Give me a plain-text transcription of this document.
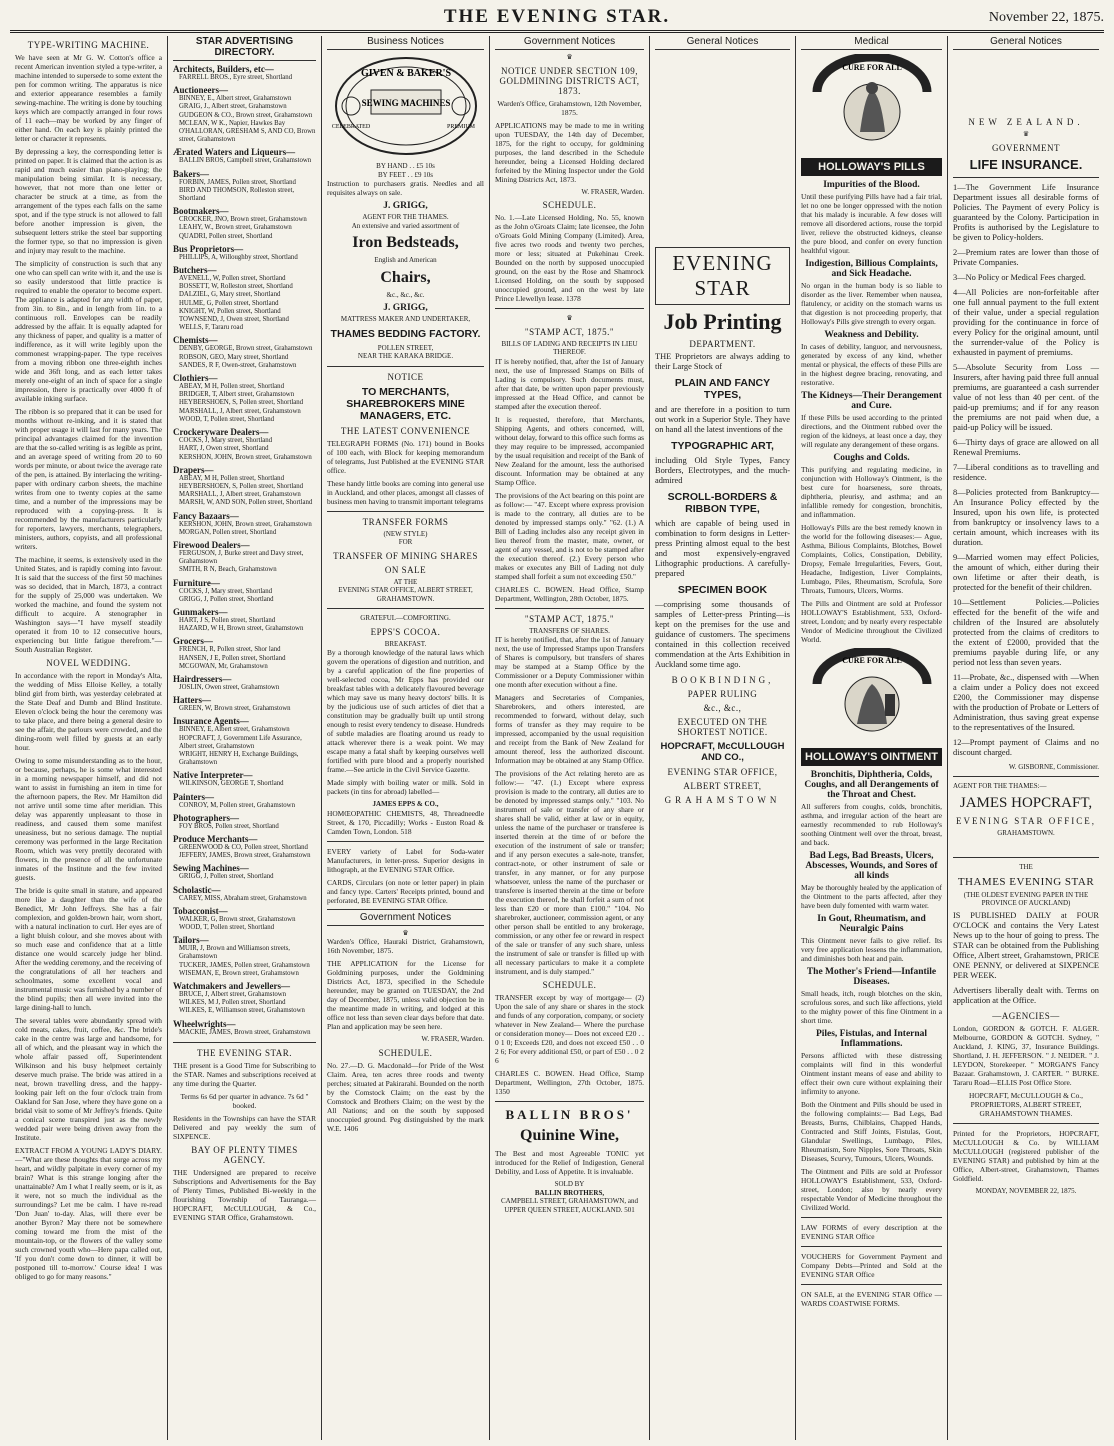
THE EVENING STAR.	November 22, 1875.
TYPE-WRITING MACHINE.

We have seen at Mr G. W. Cotton's office a recent American invention styled a type-writer, a machine intended to supersede to some extent the pen for common writing. The apparatus is nice and exterior appearance resembles a family sewing-machine. The writing is done by touching keys which are compactly arranged in four rows of 11 each—may be worked by any finger of either hand. On each key is plainly printed the letter or character it represents.

By depressing a key, the corresponding letter is printed on paper. It is claimed that the action is as rapid and much easier than piano-playing; the manipulation being similar. It is necessary, however, that not more than one letter or character be struck at a time, as from the arrangement of the types each falls on the same spot, and if the type struck is not allowed to fall before another impression is given, the subsequent letters strike the steel bar supporting the former type, so that no impression is given and injury may result to the machine.

The simplicity of construction is such that any one who can spell can write with it, and the use is so easily understood that little practice is required to enable the operator to become expert. The appliance is adapted for any width of paper, from 3in. to 8in., and in length from 1in. to a continuous roll. Envelopes can be readily addressed by the affair. It is equally adapted for any thickness of paper, and quality is a matter of indifference, as it will write legibly upon the commonest wrapping-paper. The type receives from a moving ribbon one three-eighth inches wide and 36ft long, and as each letter takes merely one-eight of an inch of space for a single impression, there is practically over 4000 ft of available inking surface.

The ribbon is so prepared that it can be used for months without re-inking, and it is stated that with proper usage it will last for many years. The principal advantages claimed for the invention are that the so-called writing is as legible as print, and an average speed of writing from 20 to 60 words per minute, or about twice the average rate of the pen, is attained. By interlacing the writing-paper with ordinary carbon sheets, the machine writes from one to twenty copies at the same time, and a number of the impressions may be reproduced with a copying-press. It is recommended by the manufacturers particularly for reporters, lawyers, merchants, telegraphers, ministers, authors, copyists, and all professional writers.

The machine, it seems, is extensively used in the United States, and is rapidly coming into favour. It is said that the success of the first 50 machines was so decided, that in March, 1873, a contract for the supply of 25,000 was undertaken. We worked the machine, and found the system not difficult to acquire. A stenographer in Washington says—"I have myself steadily operated it from 10 to 12 consecutive hours, experiencing but little fatigue therefrom."—South Australian Register.

NOVEL WEDDING.

In accordance with the report in Monday's Alta, the wedding of Miss Elloise Kelley, a totally blind girl from birth, was yesterday celebrated at the State Deaf and Dumb and Blind Institute. Eleven o'clock being the hour the ceremony was to take place, and there being a general desire to see the affair, the parlours were crowded, and the dining-room well filled by guests at an early hour.

Owing to some misunderstanding as to the hour, or because, perhaps, he is some what interested in a morning newspaper himself, and did not want to assist in furnishing an item in time for the afternoon papers, the Rev. Mr Hamilton did not arrive until some time after meridian. This delay was apparently unpleasant to those in readiness, and caused them some manifest uneasiness, but no serious damage. The nuptial ceremony was performed in the large Recitation Room, which was very prettily decorated with flowers, in the presence of all the unfortunate inmates of the Institute and the few invited guests.

The bride is quite small in stature, and appeared more like a daughter than the wife of the Benedict, Mr John Jeffreys. She has a fair complexion, and golden-brown hair, worn short, with a natural inclination to curl. Her eyes are of a light bluish colour, and she moves about with so much ease and confidence that at a little distance one would scarcely judge her blind. After the wedding ceremony, and the receiving of the congratulations of all her teachers and schoolmates, some excellent vocal and instrumental music was furnished by a number of the blind pupils; then all were invited into the large dining-hall to lunch.

The several tables were abundantly spread with cold meats, cakes, fruit, coffee, &c. The bride's cake in the centre was large and handsome, for all of which, and the pleasant way in which the whole affair passed off, Superintendent Wilkinson and his busy helpmeet certainly deserve much praise. The bride was attired in a neat, brown travelling dress, and the happy-looking pair left on the four o'clock train from Oakland for San Jose, where they have gone on a bridal visit to some of Mr Jeffrey's friends. Quite a conical scene transpired just as the newly wedded pair were being driven away from the Institute.

EXTRACT FROM A YOUNG LADY'S DIARY.—"What are these thoughts that surge across my heart, and wildly palpitate in every corner of my brain? What is this strange longing after the unattainable? Am I what I really seem, or is it, as it were, not so much the individual as the surroundings? Let me be calm. I have re-read 'Don Juan' to-day. Alas, will there ever be another Byron? May there not be somewhere coming toward me from the mist of the mountain-top, or the flowers of the valley some such crowned youth who—Here papa called out, 'If you don't come down to dinner, it will be postponed till to-morrow.' Course idea! I was obliged to go for many reasons."

STAR ADVERTISING DIRECTORY.
Architects, Builders, etc—
FARRELL BROS., Eyre street, Shortland
Auctioneers—
BINNEY, E., Albert street, Grahamstown
GRAIG, J., Albert street, Grahamstown
GUDGEON & CO., Brown street, Grahamstown
MCLEAN, W K., Napier, Hawkes Bay
O'HALLORAN, GRESHAM S, AND CO, Brown street, Grahamstown
Ærated Waters and Liqueurs—
BALLIN BROS, Campbell street, Grahamstown
Bakers—
FORBIN, JAMES, Pollen street, Shortland
BIRD AND THOMSON, Rolleston street, Shortland
Bootmakers—
CROCKER, JNO, Brown street, Grahamstown
LEAHY, W., Brown street, Grahamstown
QUADRI, Pollen street, Shortland
Bus Proprietors—
PHILLIPS, A, Willoughby street, Shortland
Butchers—
AVENELL, W, Pollen street, Shortland
BOSSETT, W, Rolleston street, Shortland
DALZIEL, G, Mary street, Shortland
HULME, G, Pollen street, Shortland
KNIGHT, W, Pollen street, Shortland
TOWNSEND, J, Owen street, Shortland
WELLS, F, Tararu road
Chemists—
DENBY, GEORGE, Brown street, Grahamstown
ROBSON, GEO, Mary street, Shortland
SANDES, R F, Owen-street, Grahamstown
Clothiers—
ABEAY, M H, Pollen street, Shortland
BRIDGER, T, Albert street, Grahamstown
HEYBERSHOEN, S, Pollen street, Shortland
MARSHALL, J, Albert street, Grahamstown
WOOD, T, Pollen street, Shortland
Crockeryware Dealers—
COCKS, J, Mary street, Shortland
HART, J, Owen street, Shortland
KERSHON, JOHN, Brown street, Grahamstown
Drapers—
ABEAY, M H, Pollen street, Shortland
HEYBERSHOEN, S, Pollen street, Shortland
MARSHALL, J, Albert street, Grahamstown
MARSH, W, AND SON, Pollen street, Shortland
Fancy Bazaars—
KERSHON, JOHN, Brown street, Grahamstown
MORGAN, Pollen street, Shortland
Firewood Dealers—
FERGUSON, J, Burke street and Davy street, Grahamstown
SMITH, R N, Beach, Grahamstown
Furniture—
COCKS, J, Mary street, Shortland
GRIGG, J, Pollen street, Shortland
Gunmakers—
HART, J S, Pollen street, Shortland
HAZARD, W H, Brown street, Grahamstown
Grocers—
FRENCH, R, Pollen street, Shor land
HANSEN, J E, Pollen street, Shortland
MCGOWAN, Mr, Grahamstown
Hairdressers—
JOSLIN, Owen street, Grahamstown
Hatters—
GREEN, W, Brown street, Grahamstown
Insurance Agents—
BINNEY, E, Albert street, Grahamstown
HOPCRAFT, J, Government Life Assurance, Albert street, Grahamstown
WRIGHT, HENRY H, Exchange Buildings, Grahamstown
Native Interpreter—
WILKINSON, GEORGE T, Shortland
Painters—
CONROY, M, Pollen street, Grahamstown
Photographers—
FOY BROS, Pollen street, Shortland
Produce Merchants—
GREENWOOD & CO, Pollen street, Shortland
JEFFERY, JAMES, Brown street, Grahamstown
Sewing Machines—
GRIGG, J, Pollen street, Shortland
Scholastic—
CAREY, MISS, Abraham street, Grahamstown
Tobacconist—
WALKER, G, Brown street, Grahamstown
WOOD, T, Pollen street, Shortland
Tailors—
MUIR, J, Brown and Williamson streets, Grahamstown
TUCKER, JAMES, Pollen street, Grahamstown
WISEMAN, E, Brown street, Grahamstown
Watchmakers and Jewellers—
BRUCE, J, Albert street, Grahamstown
WILKES, M J, Pollen street, Shortland
WILKES, E, Williamson street, Grahamstown
Wheelwrights—
MACKIE, JAMES, Brown street, Grahamstown
THE EVENING STAR.

THE present is a Good Time for Subscribing to the STAR. Names and subscriptions received at any time during the Quarter.

Terms 6s 6d per quarter in advance. 7s 6d " booked.

Residents in the Townships can have the STAR Delivered and pay weekly the sum of SIXPENCE.

BAY OF PLENTY TIMES AGENCY.

THE Undersigned are prepared to receive Subscriptions and Advertisements for the Bay of Plenty Times, Published Bi-weekly in the flourishing Township of Tauranga.—HOPCRAFT, McCULLOUGH, & Co., EVENING STAR Office, Grahamstown.

Business Notices
GIVEN & BAKER'S
SEWING MACHINES
CELEBRATED	PREMIUM
BY HAND . . £5 10s
BY FEET . . £9 10s

Instruction to purchasers gratis. Needles and all requisites always on sale.

J. GRIGG,
AGENT FOR THE THAMES.
An extensive and varied assortment of
Iron Bedsteads,
English and American
Chairs,
&c., &c., &c.
J. GRIGG,
MATTRESS MAKER AND UNDERTAKER,
THAMES BEDDING FACTORY.
POLLEN STREET,
NEAR THE KARAKA BRIDGE.
NOTICE
TO MERCHANTS, SHAREBROKERS MINE MANAGERS, ETC.
THE LATEST CONVENIENCE

TELEGRAPH FORMS (No. 171) bound in Books of 100 each, with Block for keeping memorandum of telegrams, Just Published at the EVENING STAR office.

These handy little books are coming into general use in Auckland, and other places, amongst all classes of business men having to transmit important telegrams

TRANSFER FORMS
(NEW STYLE)
FOR
TRANSFER OF MINING SHARES
ON SALE
AT THE
EVENING STAR OFFICE, ALBERT STREET, GRAHAMSTOWN.
GRATEFUL—COMFORTING.
EPPS'S COCOA.
BREAKFAST.

By a thorough knowledge of the natural laws which govern the operations of digestion and nutrition, and by a careful application of the fine properties of well-selected cocoa, Mr Epps has provided our breakfast tables with a delicately flavoured beverage which may save us many heavy doctors' bills. It is by the judicious use of such articles of diet that a constitution may be gradually built up until strong enough to resist every tendency to disease. Hundreds of subtle maladies are floating around us ready to attack wherever there is a weak point. We may escape many a fatal shaft by keeping ourselves well fortified with pure blood and a properly nourished frame.—See article in the Civil Service Gazette.

Made simply with boiling water or milk. Sold in packets (in tins for abroad) labelled—

JAMES EPPS & CO.,

HOMŒOPATHIC CHEMISTS, 48, Threadneedle Street, & 170, Piccadilly; Works - Euston Road & Camden Town, London. 518

EVERY variety of Label for Soda-water Manufacturers, in letter-press. Superior designs in lithograph, at the EVENING STAR Office.

CARDS, Circulars (on note or letter paper) in plain and fancy type. Carters' Receipts printed, bound and perforated, BE EVENING STAR Office.

Government Notices
♛

Warden's Office, Hauraki District, Grahamstown, 16th November, 1875.

THE APPLICATION for the License for Goldmining purposes, under the Goldmining Districts Act, 1873, specified in the Schedule hereunder, may be granted on TUESDAY, the 2nd day of December, 1875, unless valid objection be in the meantime made in writing, and lodged at this office not less than seven clear days before that date. Plan and application may be seen here.

W. FRASER, Warden.
SCHEDULE.

No. 27.—D. G. Macdonald—for Pride of the West Claim. Area, ten acres three roods and twenty perches; situated at Pakirarahi. Bounded on the north by the Comstock Claim; on the east by the Comstock and Brothers Claim; on the west by the All Nations; and on the south by supposed unoccupied ground. Peg distinguished by the mark W.E. 1406

Government Notices
♛
NOTICE UNDER SECTION 109, GOLDMINING DISTRICTS ACT, 1873.

Warden's Office, Grahamstown, 12th November, 1875.

APPLICATIONS may be made to me in writing upon TUESDAY, the 14th day of December, 1875, for the right to occupy, for goldmining purposes, the land described in the Schedule hereunder, being a Licensed Holding declared forfeited by the Mining Inspector under the Gold Mining Districts Act, 1873.

W. FRASER, Warden.
SCHEDULE.

No. 1.—Late Licensed Holding, No. 55, known as the John o'Groats Claim; late licensee, the John o'Groats Gold Mining Company (Limited). Area, five acres two roods and twenty two perches, more or less; situated at Pukehinau Creek. Bounded on the north by supposed unoccupied ground, on the east by the Rose and Shamrock Licensed Holding, on the south by supposed unoccupied ground, and on the west by late Prince Llewellyn lease. 1378

♛
"STAMP ACT, 1875."
BILLS OF LADING AND RECEIPTS IN LIEU THEREOF.

IT is hereby notified, that, after the 1st of January next, the use of Impressed Stamps on Bills of Lading is compulsory. Such documents must, after that date, be written upon paper previously impressed at the Head Office, and cannot be stamped after the execution thereof.

It is requested, therefore, that Merchants, Shipping Agents, and others concerned, will, without delay, forward to this office such forms as they may require to be impressed, accompanied by the usual requisition and receipt of the Bank of New Zealand for the amount, less the authorised discount. Information may be obtained at any Stamp Office.

The provisions of the Act bearing on this point are as follow:— "47. Except where express provision is made to the contrary, all duties are to be denoted by impressed stamps only." "62. (1.) A Bill of Lading includes also any receipt given in lieu thereof from the master, mate, owner, or agent of any vessel, and is not to be stamped after the execution thereof. (2.) Every person who makes or executes any Bill of Lading not duly stamped shall forfeit a sum not exceeding £50."

CHARLES C. BOWEN. Head Office, Stamp Department, Wellington, 28th October, 1875.

"STAMP ACT, 1875."
TRANSFERS OF SHARES.

IT is hereby notified, that, after the 1st of January next, the use of Impressed Stamps upon Transfers of Shares is compulsory, but transfers of shares may be stamped at a Stamp Office by the Commissioner or a Deputy Commissioner within one month after execution without a fine.

Managers and Secretaries of Companies, Sharebrokers, and others interested, are recommended to forward, without delay, such forms of transfer as they may require to be impressed, accompanied by the usual requisition and receipt from the Bank of New Zealand for amount thereof, less the authorized discount. Information may be obtained at any Stamp Office.

The provisions of the Act relating hereto are as follow:— "47. (1.) Except where express provision is made to the contrary, all duties are to be denoted by impressed stamps only." "103. No instrument of sale or transfer of any share or shares shall be valid, either at law or in equity, unless the name of the purchaser or transferee is inserted therein at the time of or before the execution of the instrument of sale or transfer; and if any person executes a sale-note, transfer, contract-note, or other instrument of sale or transfer, in any manner, or for any purpose whatsoever, unless the name of the purchaser or transferee is inserted therein at the time or before the execution thereof, he shall forfeit a sum of not less than £20 or more than £100." "104. No sharebroker, auctioneer, commission agent, or any other person shall be entitled to any brokerage, commission, or any other fee or reward in respect of the sale or transfer of any such share, unless the instrument of sale or transfer is filled up with all necessary particulars to make it a complete instrument, and is duly stamped."

SCHEDULE.

TRANSFER except by way of mortgage— (2) Upon the sale of any share or shares in the stock and funds of any corporation, company, or society whatever in New Zealand— Where the purchase or consideration money— Does not exceed £20 . . 0 1 0; Exceeds £20, and does not exceed £50 . . 0 2 6; For every additional £50, or part of £50 . . 0 2 6

CHARLES C. BOWEN. Head Office, Stamp Department, Wellington, 27th October, 1875. 1350

BALLIN BROS'
Quinine Wine,

The Best and most Agreeable TONIC yet introduced for the Relief of Indigestion, General Debility, and Loss of Appetite. It is invaluable.

SOLD BY
BALLIN BROTHERS,
CAMPBELL STREET, GRAHAMSTOWN, and UPPER QUEEN STREET, AUCKLAND. 501
General Notices
EVENING STAR
Job Printing
DEPARTMENT.

THE Proprietors are always adding to their Large Stock of

PLAIN AND FANCY TYPES,

and are therefore in a position to turn out work in a Superior Style. They have on hand all the latest inventions of the

TYPOGRAPHIC ART,

including Old Style Types, Fancy Borders, Electrotypes, and the much-admired

SCROLL-BORDERS & RIBBON TYPE,

which are capable of being used in combination to form designs in Letter-press Printing almost equal to the best and most expensively-engraved Lithographic productions. A carefully-prepared

SPECIMEN BOOK

—comprising some thousands of samples of Letter-press Printing—is kept on the premises for the use and guidance of customers. The specimens contained in this collection received commendation at the Arts Exhibition in Auckland some time ago.

BOOKBINDING,
PAPER RULING
&c., &c.,
EXECUTED ON THE SHORTEST NOTICE.
HOPCRAFT, McCULLOUGH AND CO.,
EVENING STAR OFFICE,
ALBERT STREET,
GRAHAMSTOWN
Medical
CURE FOR ALL
HOLLOWAY'S PILLS
Impurities of the Blood.

Until these purifying Pills have had a fair trial, let no one be longer oppressed with the notion that his malady is incurable. A few doses will remove all disordered actions, rouse the torpid liver, relieve the obstructed kidneys, cleanse the pure blood, and confer on every function healthful vigour.

Indigestion, Billious Complaints, and Sick Headache.

No organ in the human body is so liable to disorder as the liver. Remember when nausea, flatulency, or acidity on the stomach warns us that digestion is not proceeding properly, that Holloway's Pills give strength to every organ.

Weakness and Debility.

In cases of debility, languor, and nervousness, generated by excess of any kind, whether mental or physical, the effects of these Pills are in the highest degree bracing, renovating, and restorative.

The Kidneys—Their Derangement and Cure.

If these Pills be used according to the printed directions, and the Ointment rubbed over the region of the kidneys, at least once a day, they will regulate any derangement of these organs.

Coughs and Colds.

This purifying and regulating medicine, in conjunction with Holloway's Ointment, is the best cure for hoarseness, sore throats, diphtheria, pleurisy, and asthma; and an infallible remedy for congestion, bronchitis, and inflammation.

Holloway's Pills are the best remedy known in the world for the following diseases:— Ague, Asthma, Bilious Complaints, Blotches, Bowel Complaints, Colics, Constipation, Debility, Dropsy, Female Irregularities, Fevers, Gout, Headache, Indigestion, Liver Complaints, Lumbago, Piles, Rheumatism, Scrofula, Sore Throats, Tumours, Ulcers, Worms.

The Pills and Ointment are sold at Professor HOLLOWAY'S Establishment, 533, Oxford-street, London; and by nearly every respectable Vendor of Medicine throughout the Civilized World.

CURE FOR ALL
HOLLOWAY'S OINTMENT
Bronchitis, Diphtheria, Colds, Coughs, and all Derangements of the Throat and Chest.

All sufferers from coughs, colds, bronchitis, asthma, and irregular action of the heart are earnestly recommended to rub Holloway's soothing Ointment well over the throat, breast, and back.

Bad Legs, Bad Breasts, Ulcers, Abscesses, Wounds, and Sores of all kinds

May be thoroughly healed by the application of the Ointment to the parts affected, after they have been duly fomented with warm water.

In Gout, Rheumatism, and Neuralgic Pains

This Ointment never fails to give relief. Its very free application lessens the inflammation, and diminishes both heat and pain.

The Mother's Friend—Infantile Diseases.

Small heads, itch, rough blotches on the skin, scrofulous sores, and such like affections, yield to the mighty power of this fine Ointment in a short time.

Piles, Fistulas, and Internal Inflammations.

Persons afflicted with these distressing complaints will find in this wonderful Ointment instant means of ease and ability to effect their own cure without explaining their infirmity to anyone.

Both the Ointment and Pills should be used in the following complaints:— Bad Legs, Bad Breasts, Burns, Chilblains, Chapped Hands, Contracted and Stiff Joints, Fistulas, Gout, Glandular Swellings, Lumbago, Piles, Rheumatism, Sore Nipples, Sore Throats, Skin Diseases, Scurvy, Tumours, Ulcers, Wounds.

The Ointment and Pills are sold at Professor HOLLOWAY'S Establishment, 533, Oxford-street, London; also by nearly every respectable Vendor of Medicine throughout the Civilized World.

LAW FORMS of every description at the EVENING STAR Office

VOUCHERS for Government Payment and Company Debts—Printed and Sold at the EVENING STAR Office

ON SALE, at the EVENING STAR Office —WARDS COASTWISE FORMS.

General Notices
NEW ZEALAND.
♛
GOVERNMENT
LIFE INSURANCE.

1—The Government Life Insurance Department issues all desirable forms of Policies. The Payment of every Policy is guaranteed by the Colony. Participation in Profits is authorised by the Legislature to be given to Policy-holders.

2—Premium rates are lower than those of Private Companies.

3—No Policy or Medical Fees charged.

4—All Policies are non-forfeitable after one full annual payment to the full extent of their value, under a special regulation providing for the continuance in force of every Policy for the original amount, until the surrender-value of the Policy is exhausted in payment of premiums.

5—Absolute Security from Loss —Insurers, after having paid three full annual premiums, are guaranteed a cash surrender value of not less than 40 per cent. of the paid-up premiums; and if for any reason the premiums are not paid when due, a paid-up Policy will be issued.

6—Thirty days of grace are allowed on all Renewal Premiums.

7—Liberal conditions as to travelling and residence.

8—Policies protected from Bankruptcy—An Insurance Policy effected by the Insured, upon his own life, is protected from bankruptcy or insolvency laws to a certain amount, which increases with its duration.

9—Married women may effect Policies, the amount of which, either during their own lifetime or after their death, is protected for the benefit of their children.

10—Settlement Policies.—Policies effected for the benefit of the wife and children of the Insured are absolutely protected from the claims of creditors to the extent of £2000, provided that the premiums payable during life, or any period not less than seven years.

11—Probate, &c., dispensed with —When a claim under a Policy does not exceed £200, the Commissioner may dispense with the production of Probate or Letters of Administration, thus saving great expense to the representatives of the Insured.

12—Prompt payment of Claims and no discount charged.

W. GISBORNE, Commissioner.
AGENT FOR THE THAMES:—
JAMES HOPCRAFT,
EVENING STAR OFFICE,
GRAHAMSTOWN.
THE
THAMES EVENING STAR
(THE OLDEST EVENING PAPER IN THE PROVINCE OF AUCKLAND)

IS PUBLISHED DAILY at FOUR O'CLOCK and contains the Very Latest News up to the hour of going to press. The STAR can be obtained from the Publishing Office, Albert street, Grahamstown, PRICE ONE PENNY, or delivered at SIXPENCE PER WEEK.

Advertisers liberally dealt with. Terms on application at the Office.

—AGENCIES—

London, GORDON & GOTCH. F. ALGER. Melbourne, GORDON & GOTCH. Sydney, " Auckland, J. KING, 37, Insurance Buildings. Shortland, J. H. JEFFERSON. " J. NEIDER. " J. LEYDON, Storekeeper. " MORGAN'S Fancy Bazaar. Grahamstown, J. CARTER. " BURKE. Tararu Road—ELLIS Post Office Store.

HOPCRAFT, McCULLOUGH & Co., PROPRIETORS, ALBERT STREET, GRAHAMSTOWN THAMES.

Printed for the Proprietors, HOPCRAFT, McCULLOUGH & Co. by WILLIAM McCULLOUGH (registered publisher of the EVENING STAR) and published by him at the Office, Albert-street, Grahamstown, Thames Goldfield.

MONDAY, NOVEMBER 22, 1875.
